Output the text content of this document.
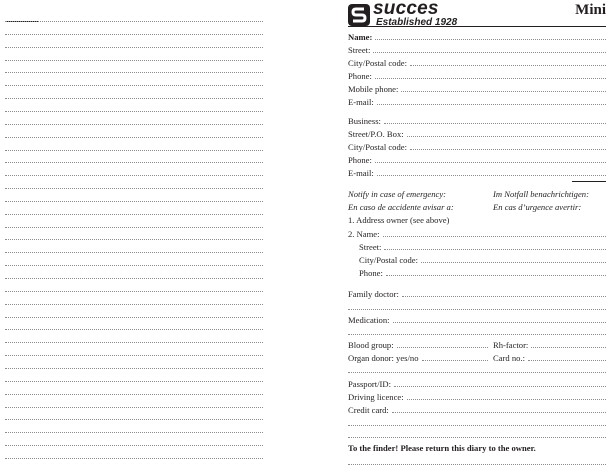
succes
Established 1928
Mini
Name:
Street:
City/Postal code:
Phone:
Mobile phone:
E-mail:
Business:
Street/P.O. Box:
City/Postal code:
Phone:
E-mail:
Notify in case of emergency:	Im Notfall benachrichtigen:
En caso de accidente avisar a:	En cas d’urgence avertir:
1. Address owner (see above)
2. Name:
Street:
City/Postal code:
Phone:
Family doctor:
Medication:
Blood group:	Rh-factor:
Organ donor: yes/no	Card no.:
Passport/ID:
Driving licence:
Credit card:
To the finder! Please return this diary to the owner.
